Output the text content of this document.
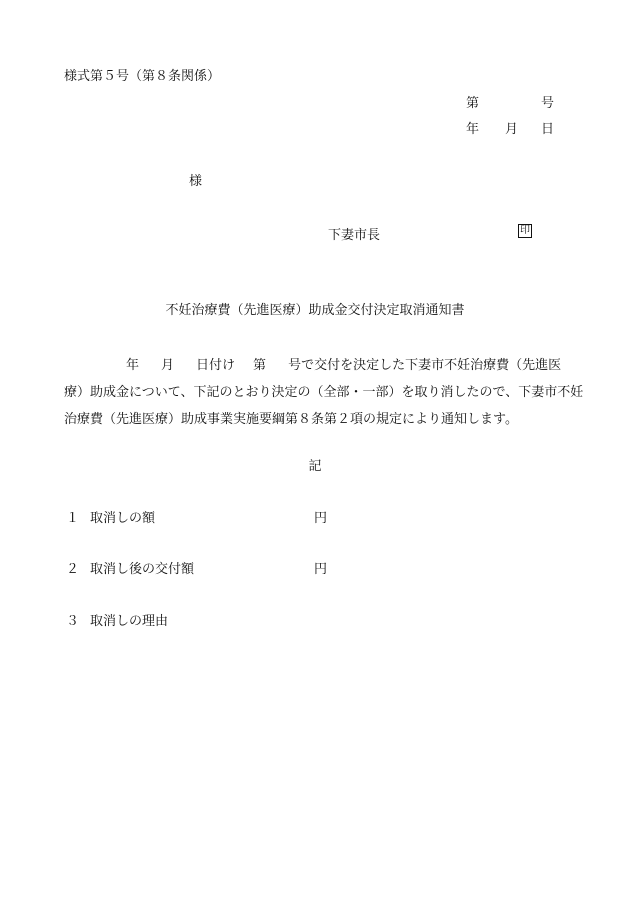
様式第５号（第８条関係）
第	号
年 月 日
様
下妻市長	印
不妊治療費（先進医療）助成金交付決定取消通知書
年 月 日付け 第 号で交付を決定した下妻市不妊治療費（先進医
療）助成金について、下記のとおり決定の（全部・一部）を取り消したので、下妻市不妊
治療費（先進医療）助成事業実施要綱第８条第２項の規定により通知します。
記
１ 取消しの額	円
２ 取消し後の交付額	円
３ 取消しの理由
